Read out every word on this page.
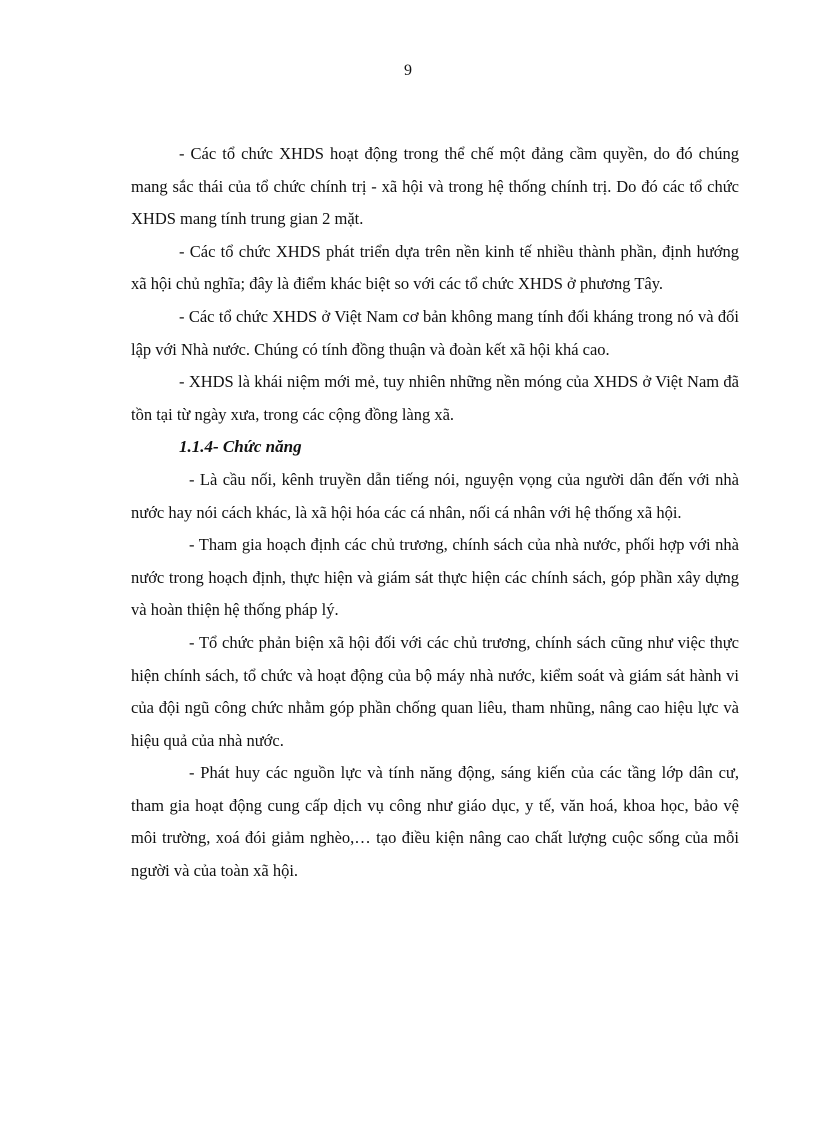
9

- Các tổ chức XHDS hoạt động trong thể chế một đảng cầm quyền, do đó chúng mang sắc thái của tổ chức chính trị - xã hội và trong hệ thống chính trị. Do đó các tổ chức XHDS mang tính trung gian 2 mặt.

- Các tổ chức XHDS phát triển dựa trên nền kinh tế nhiều thành phần, định hướng xã hội chủ nghĩa; đây là điểm khác biệt so với các tổ chức XHDS ở phương Tây.

- Các tổ chức XHDS ở Việt Nam cơ bản không mang tính đối kháng trong nó và đối lập với Nhà nước. Chúng có tính đồng thuận và đoàn kết xã hội khá cao.

- XHDS là khái niệm mới mẻ, tuy nhiên những nền móng của XHDS ở Việt Nam đã tồn tại từ ngày xưa, trong các cộng đồng làng xã.

1.1.4- Chức năng

- Là cầu nối, kênh truyền dẫn tiếng nói, nguyện vọng của người dân đến với nhà nước hay nói cách khác, là xã hội hóa các cá nhân, nối cá nhân với hệ thống xã hội.

- Tham gia hoạch định các chủ trương, chính sách của nhà nước, phối hợp với nhà nước trong hoạch định, thực hiện và giám sát thực hiện các chính sách, góp phần xây dựng và hoàn thiện hệ thống pháp lý.

- Tổ chức phản biện xã hội đối với các chủ trương, chính sách cũng như việc thực hiện chính sách, tổ chức và hoạt động của bộ máy nhà nước, kiểm soát và giám sát hành vi của đội ngũ công chức nhằm góp phần chống quan liêu, tham nhũng, nâng cao hiệu lực và hiệu quả của nhà nước.

- Phát huy các nguồn lực và tính năng động, sáng kiến của các tầng lớp dân cư, tham gia hoạt động cung cấp dịch vụ công như giáo dục, y tế, văn hoá, khoa học, bảo vệ môi trường, xoá đói giảm nghèo,… tạo điều kiện nâng cao chất lượng cuộc sống của mỗi người và của toàn xã hội.
